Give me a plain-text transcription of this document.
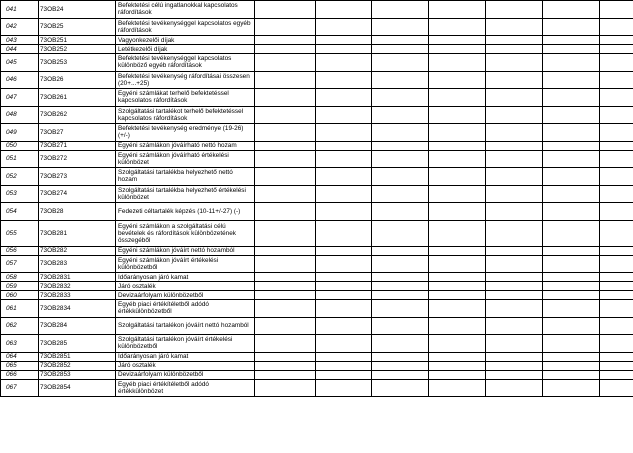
041	73OB24	Befektetési célú ingatlanokkal kapcsolatos ráfordítások								
042	73OB25	Befektetési tevékenységgel kapcsolatos egyéb ráfordítások								
043	73OB251	Vagyonkezelői díjak								
044	73OB252	Letétkezelői díjak								
045	73OB253	Befektetési tevékenységgel kapcsolatos különböző egyéb ráfordítások								
046	73OB26	Befektetési tevékenység ráfordításai összesen (20+...+25)								
047	73OB261	Egyéni számlákat terhelő befektetéssel kapcsolatos ráfordítások								
048	73OB262	Szolgáltatási tartalékot terhelő befektetéssel kapcsolatos ráfordítások								
049	73OB27	Befektetési tevékenység eredménye (19-26) (+/-)								
050	73OB271	Egyéni számlákon jóváírható nettó hozam								
051	73OB272	Egyéni számlákon jóváírható értékelési különbözet								
052	73OB273	Szolgáltatási tartalékba helyezhető nettó hozam								
053	73OB274	Szolgáltatási tartalékba helyezhető értékelési különbözet								
054	73OB28	Fedezeti céltartalék képzés (10-11+/-27) (-)								
055	73OB281	Egyéni számlákon a szolgáltatási célú bevételek és ráfordítások különbözetének összegéből								
056	73OB282	Egyéni számlákon jóváírt nettó hozamból								
057	73OB283	Egyéni számlákon jóváírt értékelési különbözetből								
058	73OB2831	Időarányosan járó kamat								
059	73OB2832	Járó osztalék								
060	73OB2833	Devizaárfolyam különbözetből								
061	73OB2834	Egyéb piaci értékítéletből adódó értékkülönbözetből								
062	73OB284	Szolgáltatási tartalékon jóváírt nettó hozamból								
063	73OB285	Szolgáltatási tartalékon jóváírt értékelési különbözetből								
064	73OB2851	Időarányosan járó kamat								
065	73OB2852	Járó osztalék								
066	73OB2853	Devizaárfolyam különbözetből								
067	73OB2854	Egyéb piaci értékítéletből adódó értékkülönbözet								
